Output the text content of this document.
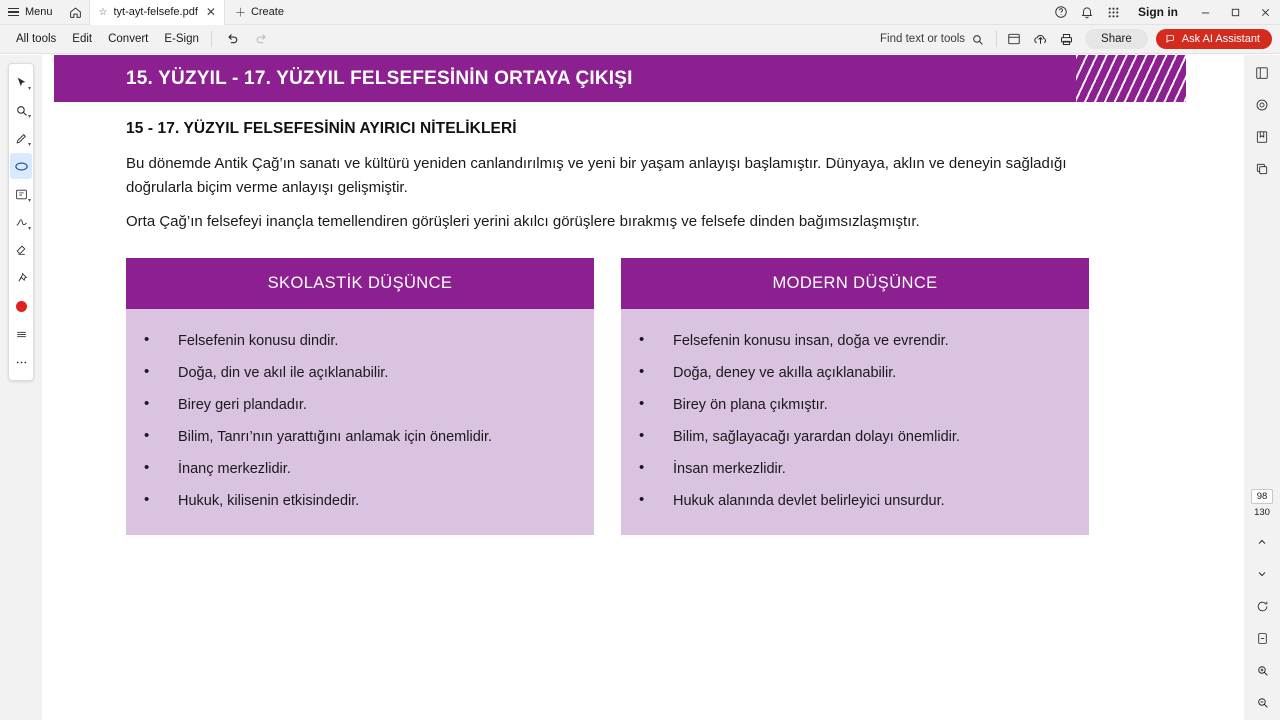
Menu	☆ tyt-ayt-felsefe.pdf ✕ ＋ Create	Sign in
All tools	Edit	Convert	E-Sign	Find text or tools	Share	Ask AI Assistant
▾
▾
▾
▾
▾
15. YÜZYIL - 17. YÜZYIL FELSEFESİNİN ORTAYA ÇIKIŞI
15 - 17. YÜZYIL FELSEFESİNİN AYIRICI NİTELİKLERİ

Bu dönemde Antik Çağ’ın sanatı ve kültürü yeniden canlandırılmış ve yeni bir yaşam anlayışı başlamıştır. Dünyaya, aklın ve deneyin sağladığı doğrularla biçim verme anlayışı gelişmiştir.

Orta Çağ’ın felsefeyi inançla temellendiren görüşleri yerini akılcı görüşlere bırakmış ve felsefe dinden bağımsızlaşmıştır.

SKOLASTİK DÜŞÜNCE
• Felsefenin konusu dindir.
• Doğa, din ve akıl ile açıklanabilir.
• Birey geri plandadır.
• Bilim, Tanrı’nın yarattığını anlamak için önemlidir.
• İnanç merkezlidir.
• Hukuk, kilisenin etkisindedir.
MODERN DÜŞÜNCE
• Felsefenin konusu insan, doğa ve evrendir.
• Doğa, deney ve akılla açıklanabilir.
• Birey ön plana çıkmıştır.
• Bilim, sağlayacağı yarardan dolayı önemlidir.
• İnsan merkezlidir.
• Hukuk alanında devlet belirleyici unsurdur.	98
130
